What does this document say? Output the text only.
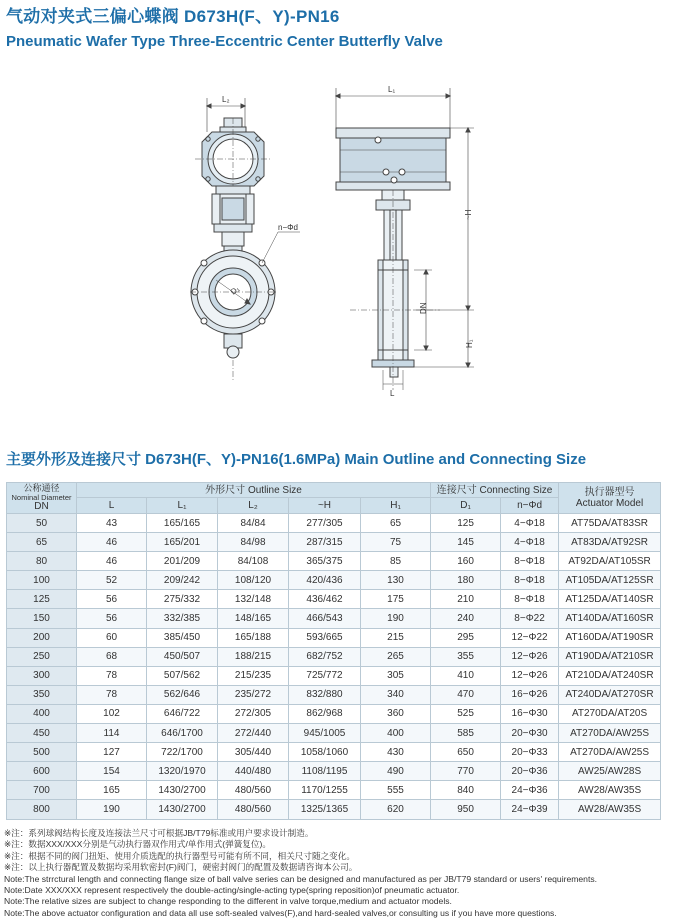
气动对夹式三偏心蝶阀 D673H(F、Y)-PN16
Pneumatic Wafer Type Three-Eccentric Center Butterfly Valve
L₂
L₁
n−Φd
D₁
~H
DN
H₁
L
主要外形及连接尺寸 D673H(F、Y)-PN16(1.6MPa) Main Outline and Connecting Size
公称通径
Nominal Diameter
DN	外形尺寸 Outline Size					连接尺寸 Connecting Size		执行器型号
Actuator Model
	L	L₁	L₂	~H	H₁	D₁	n−Φd	
50	43	165/165	84/84	277/305	65	125	4−Φ18	AT75DA/AT83SR
65	46	165/201	84/98	287/315	75	145	4−Φ18	AT83DA/AT92SR
80	46	201/209	84/108	365/375	85	160	8−Φ18	AT92DA/AT105SR
100	52	209/242	108/120	420/436	130	180	8−Φ18	AT105DA/AT125SR
125	56	275/332	132/148	436/462	175	210	8−Φ18	AT125DA/AT140SR
150	56	332/385	148/165	466/543	190	240	8−Φ22	AT140DA/AT160SR
200	60	385/450	165/188	593/665	215	295	12−Φ22	AT160DA/AT190SR
250	68	450/507	188/215	682/752	265	355	12−Φ26	AT190DA/AT210SR
300	78	507/562	215/235	725/772	305	410	12−Φ26	AT210DA/AT240SR
350	78	562/646	235/272	832/880	340	470	16−Φ26	AT240DA/AT270SR
400	102	646/722	272/305	862/968	360	525	16−Φ30	AT270DA/AT20S
450	114	646/1700	272/440	945/1005	400	585	20−Φ30	AT270DA/AW25S
500	127	722/1700	305/440	1058/1060	430	650	20−Φ33	AT270DA/AW25S
600	154	1320/1970	440/480	1108/1195	490	770	20−Φ36	AW25/AW28S
700	165	1430/2700	480/560	1170/1255	555	840	24−Φ36	AW28/AW35S
800	190	1430/2700	480/560	1325/1365	620	950	24−Φ39	AW28/AW35S
※注：系列球阀结构长度及连接法兰尺寸可根据JB/T79标准或用户要求设计制造。
※注：数据XXX/XXX分别是气动执行器双作用式/单作用式(弹簧复位)。
※注：根据不同的阀门扭矩、使用介质选配的执行器型号可能有所不同，相关尺寸随之变化。
※注：以上执行器配置及数据均采用软密封(F)阀门，硬密封阀门的配置及数据请咨询本公司。
Note:The strrctural length and connecting flange size of ball valve series can be designed and manufactured as per JB/T79 standard or users' requirements.
Note:Date XXX/XXX represent respectively the double-acting/single-acting type(spring reposition)of pneumatic actuator.
Note:The relative sizes are subject to change responding to the different in valve torque,medium and actuator models.
Note:The above actuator configuration and data all use soft-sealed valves(F),and hard-sealed valves,or consulting us if you have more questions.
